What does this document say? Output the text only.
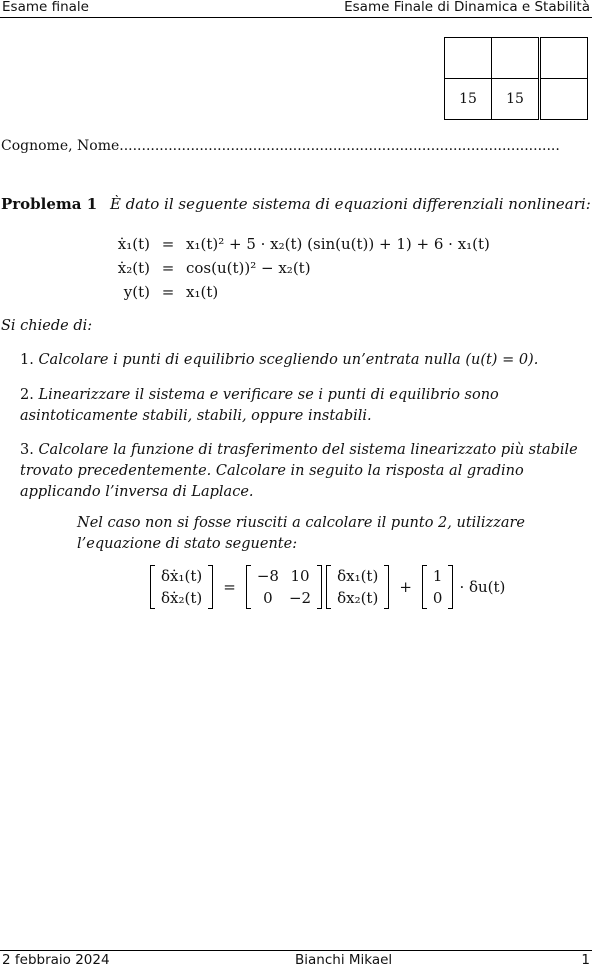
Esame finale	Esame Finale di Dinamica e Stabilità

15	15	
Cognome, Nome...................................................................................................
Problema 1 È dato il seguente sistema di equazioni differenziali nonlineari:
ẋ₁(t)	=	x₁(t)² + 5 · x₂(t) (sin(u(t)) + 1) + 6 · x₁(t)
ẋ₂(t)	=	cos(u(t))² − x₂(t)
y(t)	=	x₁(t)
Si chiede di:
1. Calcolare i punti di equilibrio scegliendo un’entrata nulla (u(t) = 0).
2. Linearizzare il sistema e verificare se i punti di equilibrio sono asintoticamente stabili, stabili, oppure instabili.
3. Calcolare la funzione di trasferimento del sistema linearizzato più stabile trovato precedentemente. Calcolare in seguito la risposta al gradino applicando l’inversa di Laplace.
Nel caso non si fosse riusciti a calcolare il punto 2, utilizzare l’equazione di stato seguente:
δẋ₁(t)
δẋ₂(t)
=
−8	10
0	−2
δx₁(t)
δx₂(t)
+
1
0
· δu(t)
2 febbraio 2024	Bianchi Mikael	1
